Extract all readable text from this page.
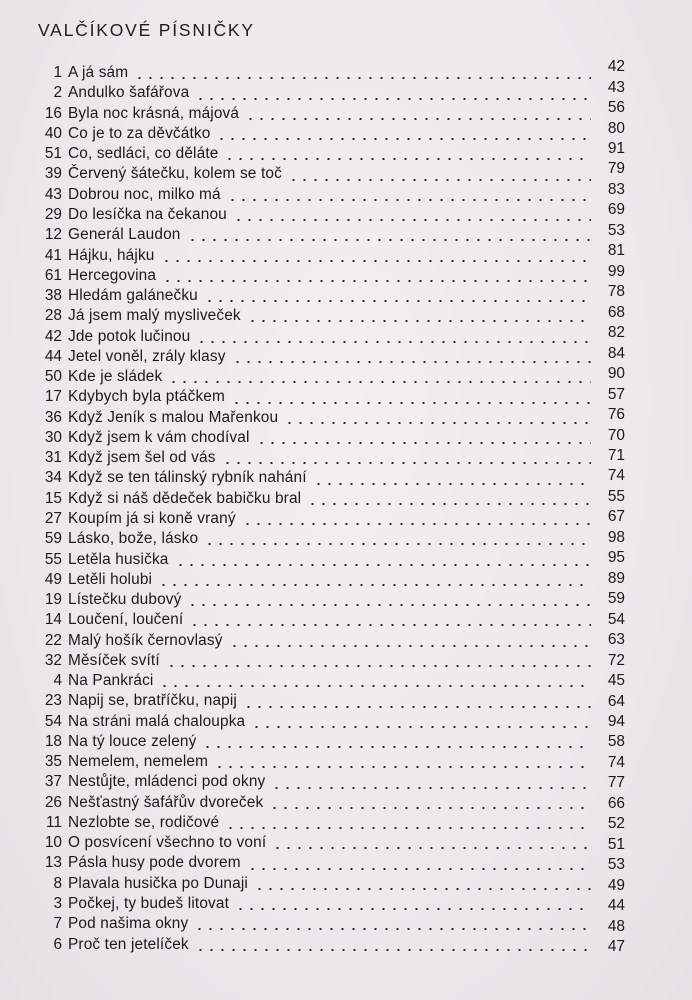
VALČÍKOVÉ PÍSNIČKY
1 A já sám	42
2 Andulko šafářova	43
16 Byla noc krásná, májová	56
40 Co je to za děvčátko	80
51 Co, sedláci, co děláte	91
39 Červený šátečku, kolem se toč	79
43 Dobrou noc, milko má	83
29 Do lesíčka na čekanou	69
12 Generál Laudon	53
41 Hájku, hájku	81
61 Hercegovina	99
38 Hledám galánečku	78
28 Já jsem malý mysliveček	68
42 Jde potok lučinou	82
44 Jetel voněl, zrály klasy	84
50 Kde je sládek	90
17 Kdybych byla ptáčkem	57
36 Když Jeník s malou Mařenkou	76
30 Když jsem k vám chodíval	70
31 Když jsem šel od vás	71
34 Když se ten tálinský rybník nahání	74
15 Když si náš dědeček babičku bral	55
27 Koupím já si koně vraný	67
59 Lásko, bože, lásko	98
55 Letěla husička	95
49 Letěli holubi	89
19 Lístečku dubový	59
14 Loučení, loučení	54
22 Malý hošík černovlasý	63
32 Měsíček svítí	72
4 Na Pankráci	45
23 Napij se, bratříčku, napij	64
54 Na stráni malá chaloupka	94
18 Na tý louce zelený	58
35 Nemelem, nemelem	74
37 Nestůjte, mládenci pod okny	77
26 Nešťastný šafářův dvoreček	66
11 Nezlobte se, rodičové	52
10 O posvícení všechno to voní	51
13 Pásla husy pode dvorem	53
8 Plavala husička po Dunaji	49
3 Počkej, ty budeš litovat	44
7 Pod našima okny	48
6 Proč ten jetelíček	47
